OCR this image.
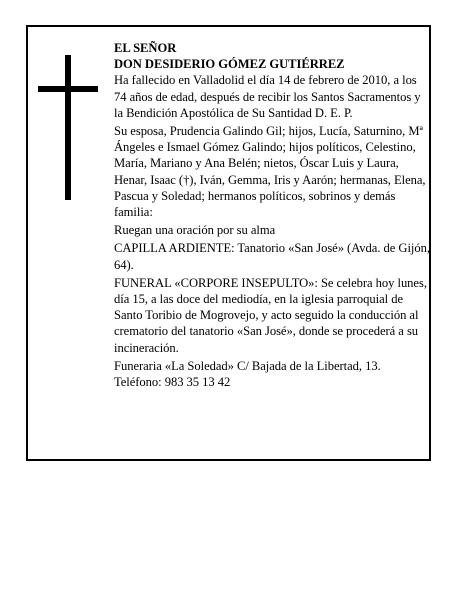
EL SEÑOR

DON DESIDERIO GÓMEZ GUTIÉRREZ

Ha fallecido en Valladolid el día 14 de febrero de 2010, a los 74 años de edad, después de recibir los Santos Sacramentos y la Bendición Apostólica de Su Santidad D. E. P.

Su esposa, Prudencia Galindo Gil; hijos, Lucía, Saturnino, Mª Ángeles e Ismael Gómez Galindo; hijos políticos, Celestino, María, Mariano y Ana Belén; nietos, Óscar Luis y Laura, Henar, Isaac (†), Iván, Gemma, Iris y Aarón; hermanas, Elena, Pascua y Soledad; hermanos políticos, sobrinos y demás familia:

Ruegan una oración por su alma

CAPILLA ARDIENTE: Tanatorio «San José» (Avda. de Gijón, 64).

FUNERAL «CORPORE INSEPULTO»: Se celebra hoy lunes, día 15, a las doce del mediodía, en la iglesia parroquial de Santo Toribio de Mogrovejo, y acto seguido la conducción al crematorio del tanatorio «San José», donde se procederá a su incineración.

Funeraria «La Soledad» C/ Bajada de la Libertad, 13. Teléfono: 983 35 13 42
